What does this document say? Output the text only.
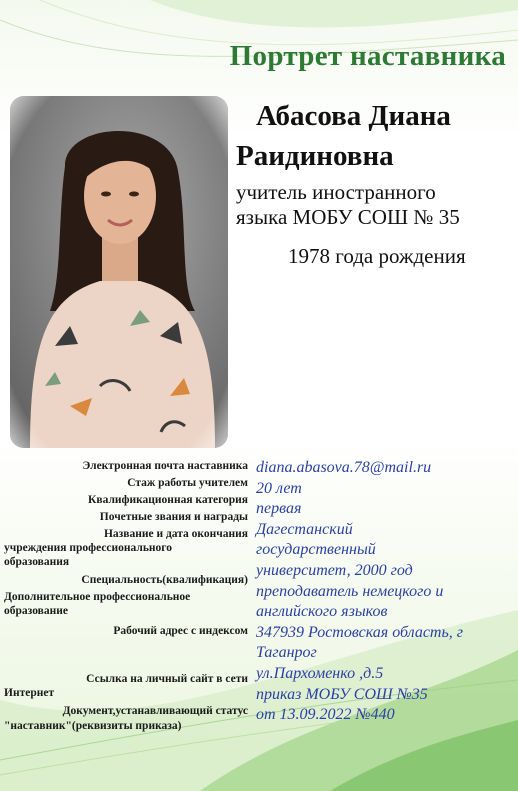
Портрет наставника
Абасова Диана
Раидиновна
учитель иностранного
языка МОБУ СОШ № 35
1978 года рождения
Электронная почта наставника
Стаж работы учителем
Квалификационная категория
Почетные звания и награды
Название и дата окончания
учреждения профессионального
образования
Специальность(квалификация)
Дополнительное профессиональное
образование
Рабочий адрес с индексом
Ссылка на личный сайт в сети
Интернет
Документ,устанавливающий статус
"наставник"(реквизиты приказа)
diana.abasova.78@mail.ru
20 лет
первая
Дагестанский
государственный
университет, 2000 год
преподаватель немецкого и
английского языков
347939 Ростовская область, г
Таганрог
ул.Пархоменко ,д.5
приказ МОБУ СОШ №35
от 13.09.2022 №440
